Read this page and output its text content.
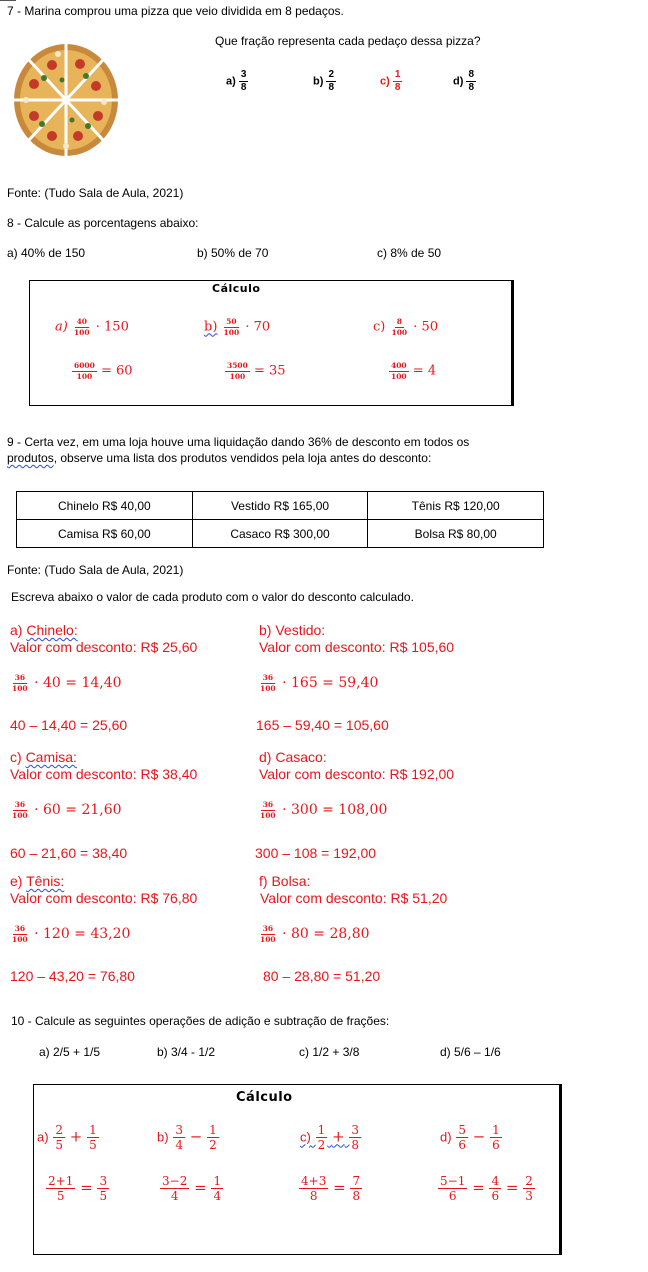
7 - Marina comprou uma pizza que veio dividida em 8 pedaços.
Que fração representa cada pedaço dessa pizza?
$a) \frac{3}{8}$	$b) \frac{2}{8}$	$c) \frac{1}{8}$	$d) \frac{8}{8}$
Fonte: (Tudo Sala de Aula, 2021)
8 - Calcule as porcentagens abaixo:
a) 40% de 150	b) 50% de 70	c) 8% de 50
Cálculo
$a) \frac{40}{100} \cdot 150$	$b) \frac{50}{100} \cdot 70$	$c) \frac{8}{100} \cdot 50$
$\frac{6000}{100} = 60$	$\frac{3500}{100} = 35$	$\frac{400}{100} = 4$
9 - Certa vez, em uma loja houve uma liquidação dando 36% de desconto em todos os
produtos, observe uma lista dos produtos vendidos pela loja antes do desconto:
Chinelo R$ 40,00	Vestido R$ 165,00	Tênis R$ 120,00
Camisa R$ 60,00	Casaco R$ 300,00	Bolsa R$ 80,00
Fonte: (Tudo Sala de Aula, 2021)
Escreva abaixo o valor de cada produto com o valor do desconto calculado.
a) Chinelo:
Valor com desconto: R$ 25,60
b) Vestido:
Valor com desconto: R$ 105,60
$\frac{36}{100} \cdot 40 = 14,40$	$\frac{36}{100} \cdot 165 = 59,40$
40 – 14,40 = 25,60	165 – 59,40 = 105,60
c) Camisa:
Valor com desconto: R$ 38,40
d) Casaco:
Valor com desconto: R$ 192,00
$\frac{36}{100} \cdot 60 = 21,60$	$\frac{36}{100} \cdot 300 = 108,00$
60 – 21,60 = 38,40	300 – 108 = 192,00
e) Tênis:
Valor com desconto: R$ 76,80
f) Bolsa:
Valor com desconto: R$ 51,20
$\frac{36}{100} \cdot 120 = 43,20$	$\frac{36}{100} \cdot 80 = 28,80$
120 – 43,20 = 76,80	80 – 28,80 = 51,20
10 - Calcule as seguintes operações de adição e subtração de frações:
a) 2/5 + 1/5	b) 3/4 - 1/2	c) 1/2 + 3/8	d) 5/6 – 1/6
Cálculo
$a) \frac{2}{5} + \frac{1}{5}$	$b) \frac{3}{4} - \frac{1}{2}$	$c) \frac{1}{2} + \frac{3}{8}$	$d) \frac{5}{6} - \frac{1}{6}$
$\frac{2+1}{5} = \frac{3}{5}$	$\frac{3-2}{4} = \frac{1}{4}$	$\frac{4+3}{8} = \frac{7}{8}$	$\frac{5-1}{6} = \frac{4}{6} = \frac{2}{3}$
